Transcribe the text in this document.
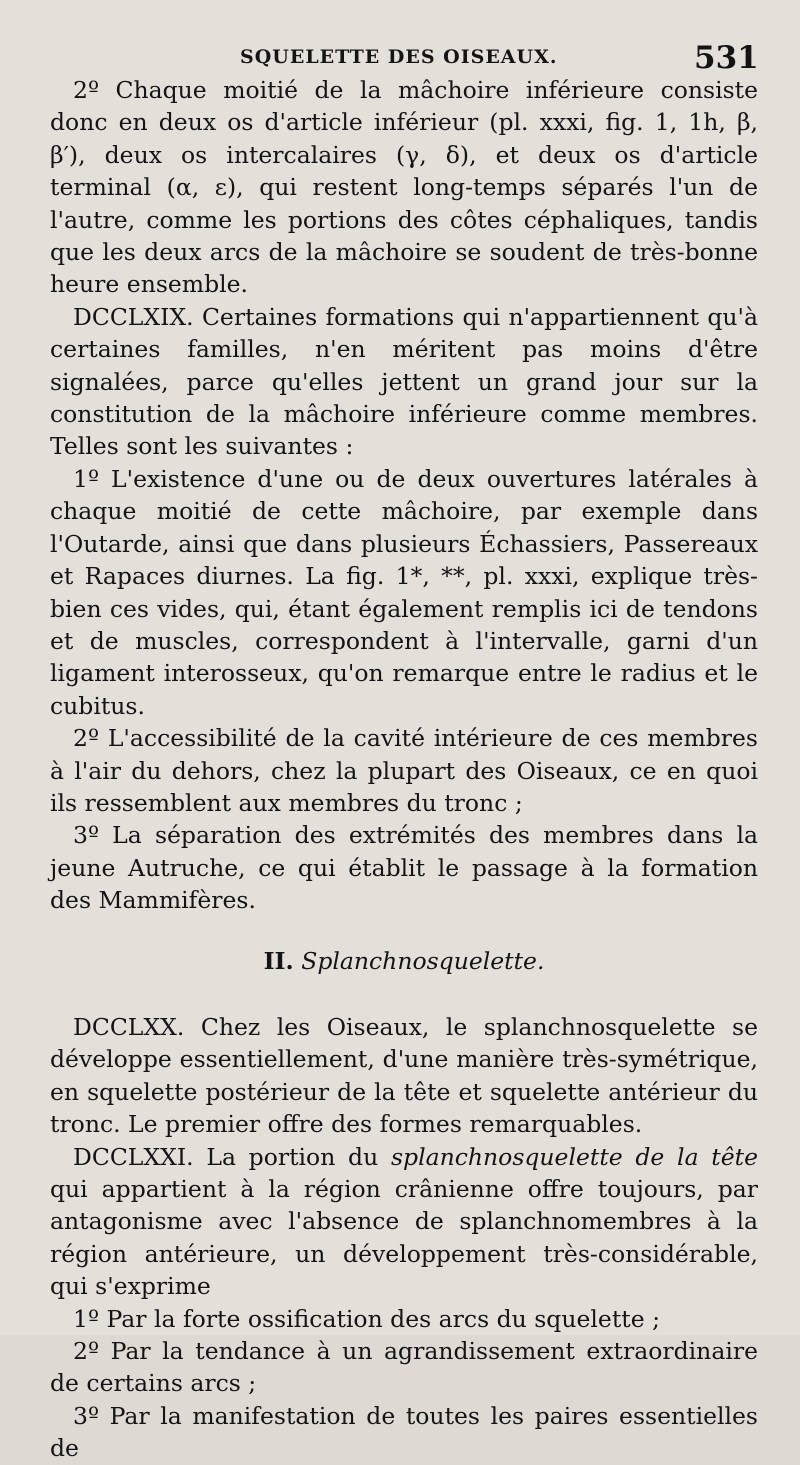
SQUELETTE DES OISEAUX.	531

2º Chaque moitié de la mâchoire inférieure consiste donc en deux os d'article inférieur (pl. xxxi, fig. 1, 1h, β, β′), deux os intercalaires (γ, δ), et deux os d'article terminal (α, ε), qui restent long-temps séparés l'un de l'autre, comme les portions des côtes céphaliques, tandis que les deux arcs de la mâchoire se soudent de très-bonne heure ensemble.

DCCLXIX. Certaines formations qui n'appartiennent qu'à certaines familles, n'en méritent pas moins d'être signalées, parce qu'elles jettent un grand jour sur la constitution de la mâchoire inférieure comme membres. Telles sont les suivantes :

1º L'existence d'une ou de deux ouvertures latérales à chaque moitié de cette mâchoire, par exemple dans l'Outarde, ainsi que dans plusieurs Échassiers, Passereaux et Rapaces diurnes. La fig. 1*, **, pl. xxxi, explique très-bien ces vides, qui, étant également remplis ici de tendons et de muscles, correspondent à l'intervalle, garni d'un ligament interosseux, qu'on remarque entre le radius et le cubitus.

2º L'accessibilité de la cavité intérieure de ces membres à l'air du dehors, chez la plupart des Oiseaux, ce en quoi ils ressemblent aux membres du tronc ;

3º La séparation des extrémités des membres dans la jeune Autruche, ce qui établit le passage à la formation des Mammifères.

II. Splanchnosquelette.

DCCLXX. Chez les Oiseaux, le splanchnosquelette se développe essentiellement, d'une manière très-symétrique, en squelette postérieur de la tête et squelette antérieur du tronc. Le premier offre des formes remarquables.

DCCLXXI. La portion du splanchnosquelette de la tête qui appartient à la région crânienne offre toujours, par antagonisme avec l'absence de splanchnomembres à la région antérieure, un développement très-considérable, qui s'exprime

1º Par la forte ossification des arcs du squelette ;

2º Par la tendance à un agrandissement extraordinaire de certains arcs ;

3º Par la manifestation de toutes les paires essentielles de
